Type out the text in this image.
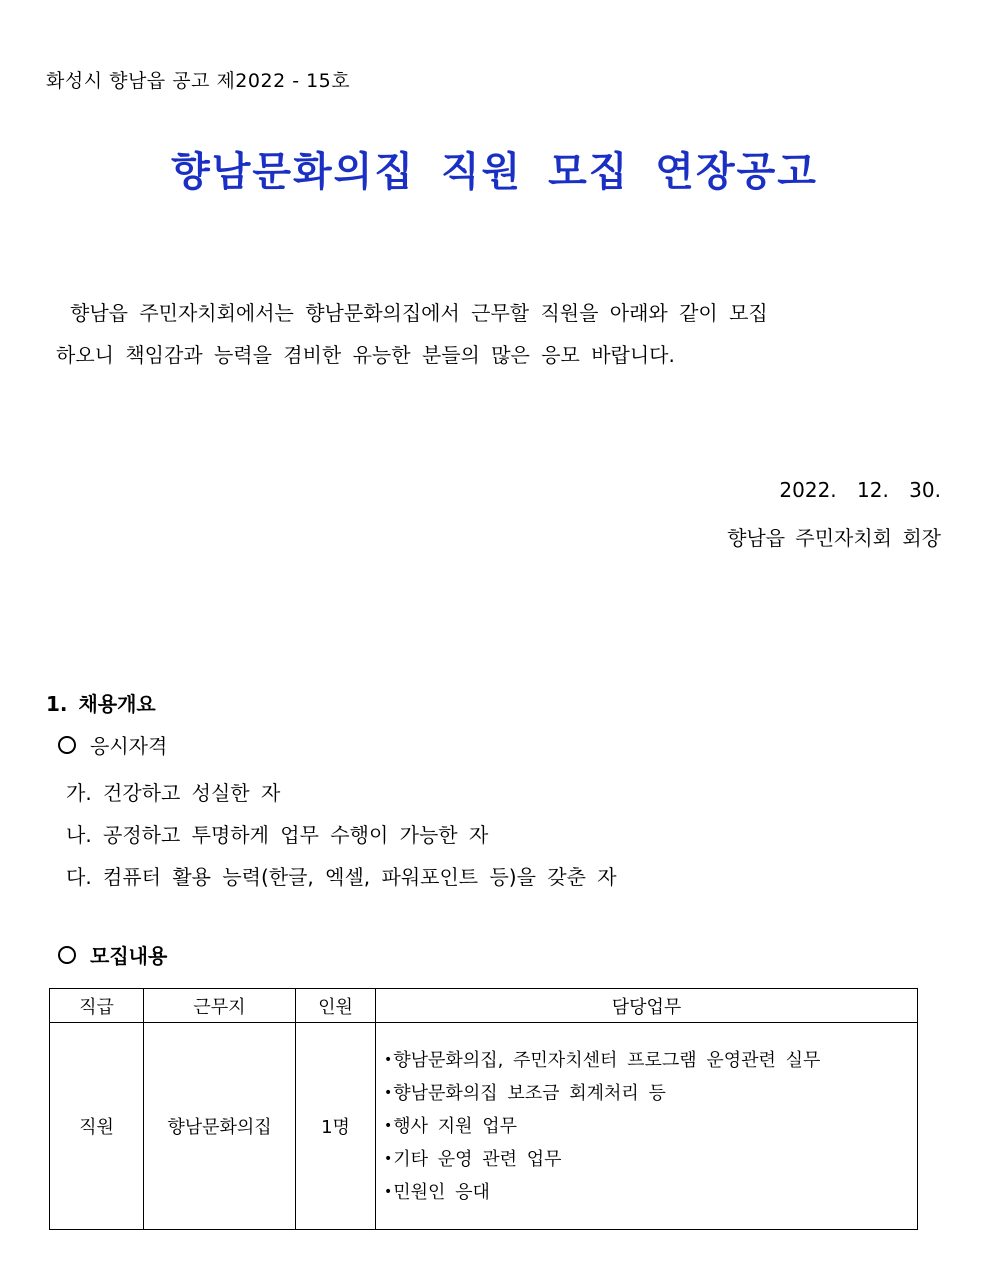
화성시 향남읍 공고 제2022 - 15호
향남문화의집 직원 모집 연장공고

향남읍 주민자치회에서는 향남문화의집에서 근무할 직원을 아래와 같이 모집

하오니 책임감과 능력을 겸비한 유능한 분들의 많은 응모 바랍니다.

2022. 12. 30.
향남읍 주민자치회 회장
1. 채용개요
응시자격
가. 건강하고 성실한 자
나. 공정하고 투명하게 업무 수행이 가능한 자
다. 컴퓨터 활용 능력(한글, 엑셀, 파워포인트 등)을 갖춘 자
모집내용
직급	근무지	인원	담당업무
직원	향남문화의집	1명	•향남문화의집, 주민자치센터 프로그램 운영관련 실무
•향남문화의집 보조금 회계처리 등
•행사 지원 업무
•기타 운영 관련 업무
•민원인 응대
